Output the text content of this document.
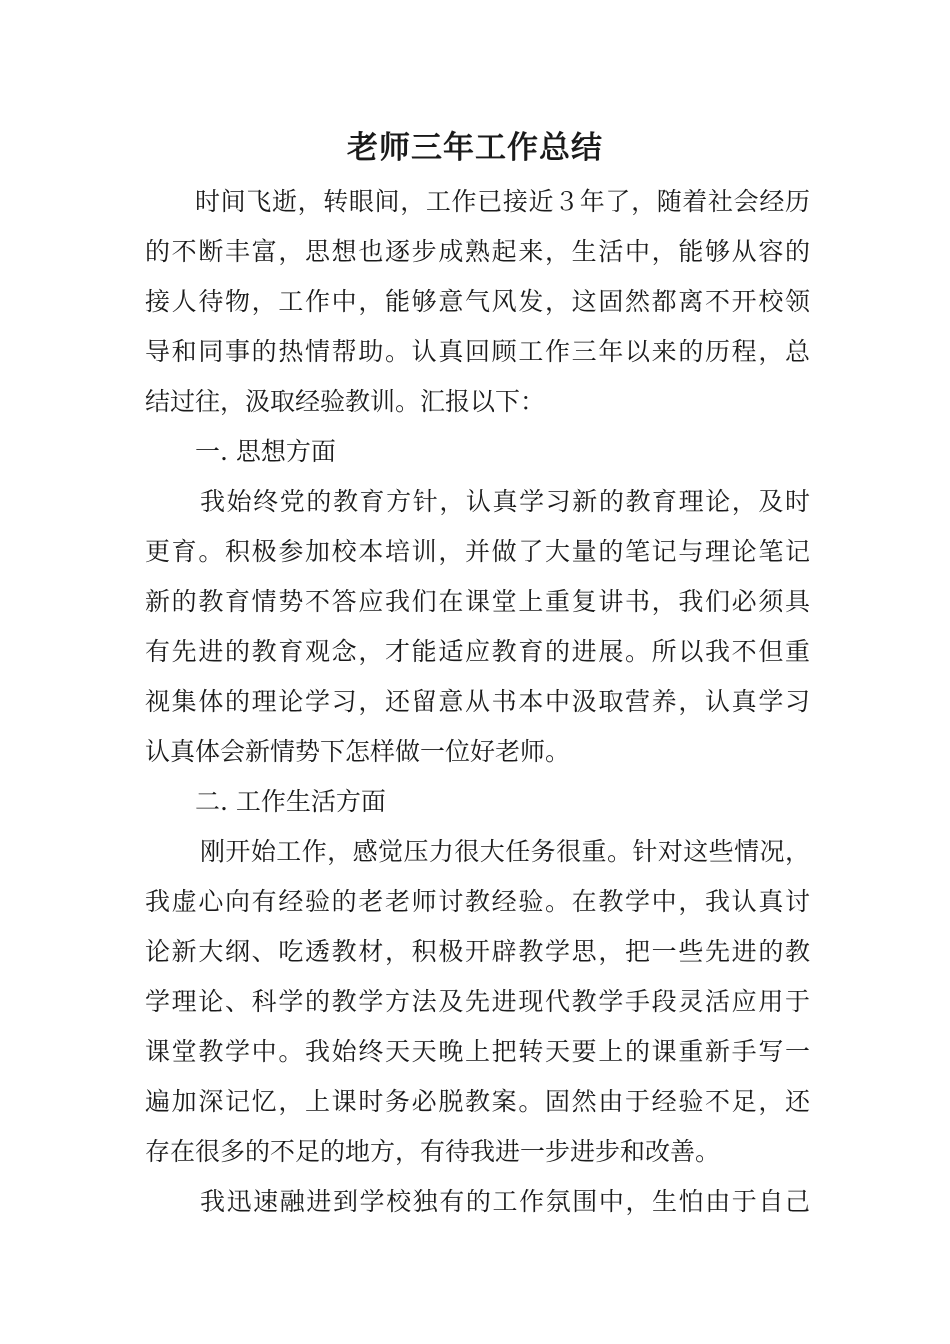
老师三年工作总结
时间飞逝，转眼间，工作已接近３年了，随着社会经历
的不断丰富，思想也逐步成熟起来，生活中，能够从容的
接人待物，工作中，能够意气风发，这固然都离不开校领
导和同事的热情帮助。认真回顾工作三年以来的历程，总
结过往，汲取经验教训。汇报以下：
一. 思想方面
我始终党的教育方针，认真学习新的教育理论，及时
更育。积极参加校本培训，并做了大量的笔记与理论笔记
新的教育情势不答应我们在课堂上重复讲书，我们必须具
有先进的教育观念，才能适应教育的进展。所以我不但重
视集体的理论学习，还留意从书本中汲取营养，认真学习
认真体会新情势下怎样做一位好老师。
二. 工作生活方面
刚开始工作，感觉压力很大任务很重。针对这些情况，
我虚心向有经验的老老师讨教经验。在教学中，我认真讨
论新大纲、吃透教材，积极开辟教学思，把一些先进的教
学理论、科学的教学方法及先进现代教学手段灵活应用于
课堂教学中。我始终天天晚上把转天要上的课重新手写一
遍加深记忆，上课时务必脱教案。固然由于经验不足，还
存在很多的不足的地方，有待我进一步进步和改善。
我迅速融进到学校独有的工作氛围中，生怕由于自己
